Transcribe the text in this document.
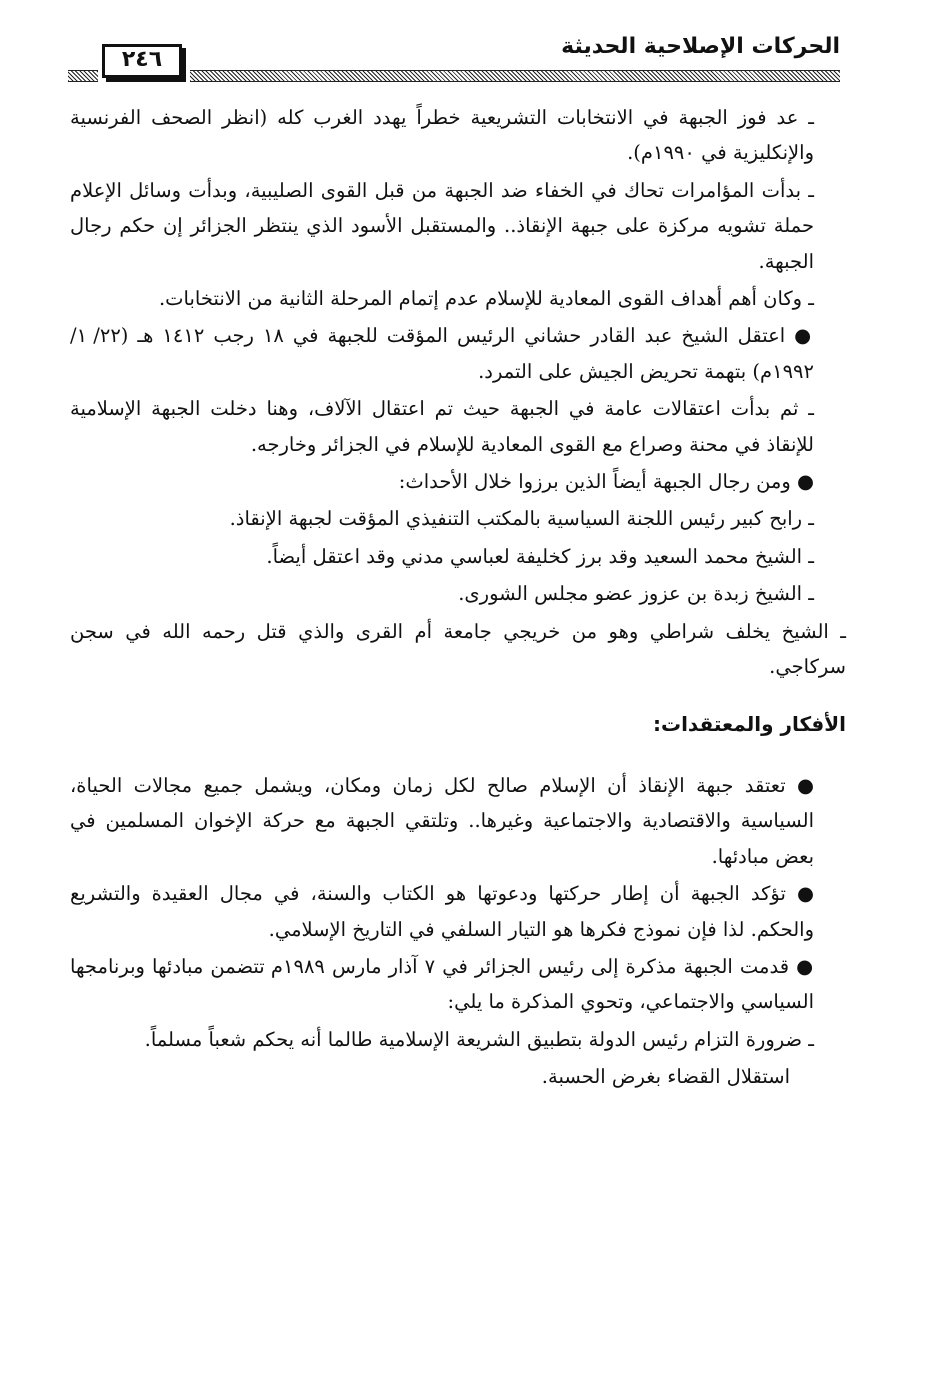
الحركات الإصلاحية الحديثة
٢٤٦

ـ عد فوز الجبهة في الانتخابات التشريعية خطراً يهدد الغرب كله (انظر الصحف الفرنسية والإنكليزية في ١٩٩٠م).

ـ بدأت المؤامرات تحاك في الخفاء ضد الجبهة من قبل القوى الصليبية، وبدأت وسائل الإعلام حملة تشويه مركزة على جبهة الإنقاذ.. والمستقبل الأسود الذي ينتظر الجزائر إن حكم رجال الجبهة.

ـ وكان أهم أهداف القوى المعادية للإسلام عدم إتمام المرحلة الثانية من الانتخابات.

● اعتقل الشيخ عبد القادر حشاني الرئيس المؤقت للجبهة في ١٨ رجب ١٤١٢ هـ (٢٢/ ١/ ١٩٩٢م) بتهمة تحريض الجيش على التمرد.

ـ ثم بدأت اعتقالات عامة في الجبهة حيث تم اعتقال الآلاف، وهنا دخلت الجبهة الإسلامية للإنقاذ في محنة وصراع مع القوى المعادية للإسلام في الجزائر وخارجه.

● ومن رجال الجبهة أيضاً الذين برزوا خلال الأحداث:

ـ رابح كبير رئيس اللجنة السياسية بالمكتب التنفيذي المؤقت لجبهة الإنقاذ.

ـ الشيخ محمد السعيد وقد برز كخليفة لعباسي مدني وقد اعتقل أيضاً.

ـ الشيخ زبدة بن عزوز عضو مجلس الشورى.

ـ الشيخ يخلف شراطي وهو من خريجي جامعة أم القرى والذي قتل رحمه الله في سجن سركاجي.

الأفكار والمعتقدات:

● تعتقد جبهة الإنقاذ أن الإسلام صالح لكل زمان ومكان، ويشمل جميع مجالات الحياة، السياسية والاقتصادية والاجتماعية وغيرها.. وتلتقي الجبهة مع حركة الإخوان المسلمين في بعض مبادئها.

● تؤكد الجبهة أن إطار حركتها ودعوتها هو الكتاب والسنة، في مجال العقيدة والتشريع والحكم. لذا فإن نموذج فكرها هو التيار السلفي في التاريخ الإسلامي.

● قدمت الجبهة مذكرة إلى رئيس الجزائر في ٧ آذار مارس ١٩٨٩م تتضمن مبادئها وبرنامجها السياسي والاجتماعي، وتحوي المذكرة ما يلي:

ـ ضرورة التزام رئيس الدولة بتطبيق الشريعة الإسلامية طالما أنه يحكم شعباً مسلماً.

استقلال القضاء بغرض الحسبة.
